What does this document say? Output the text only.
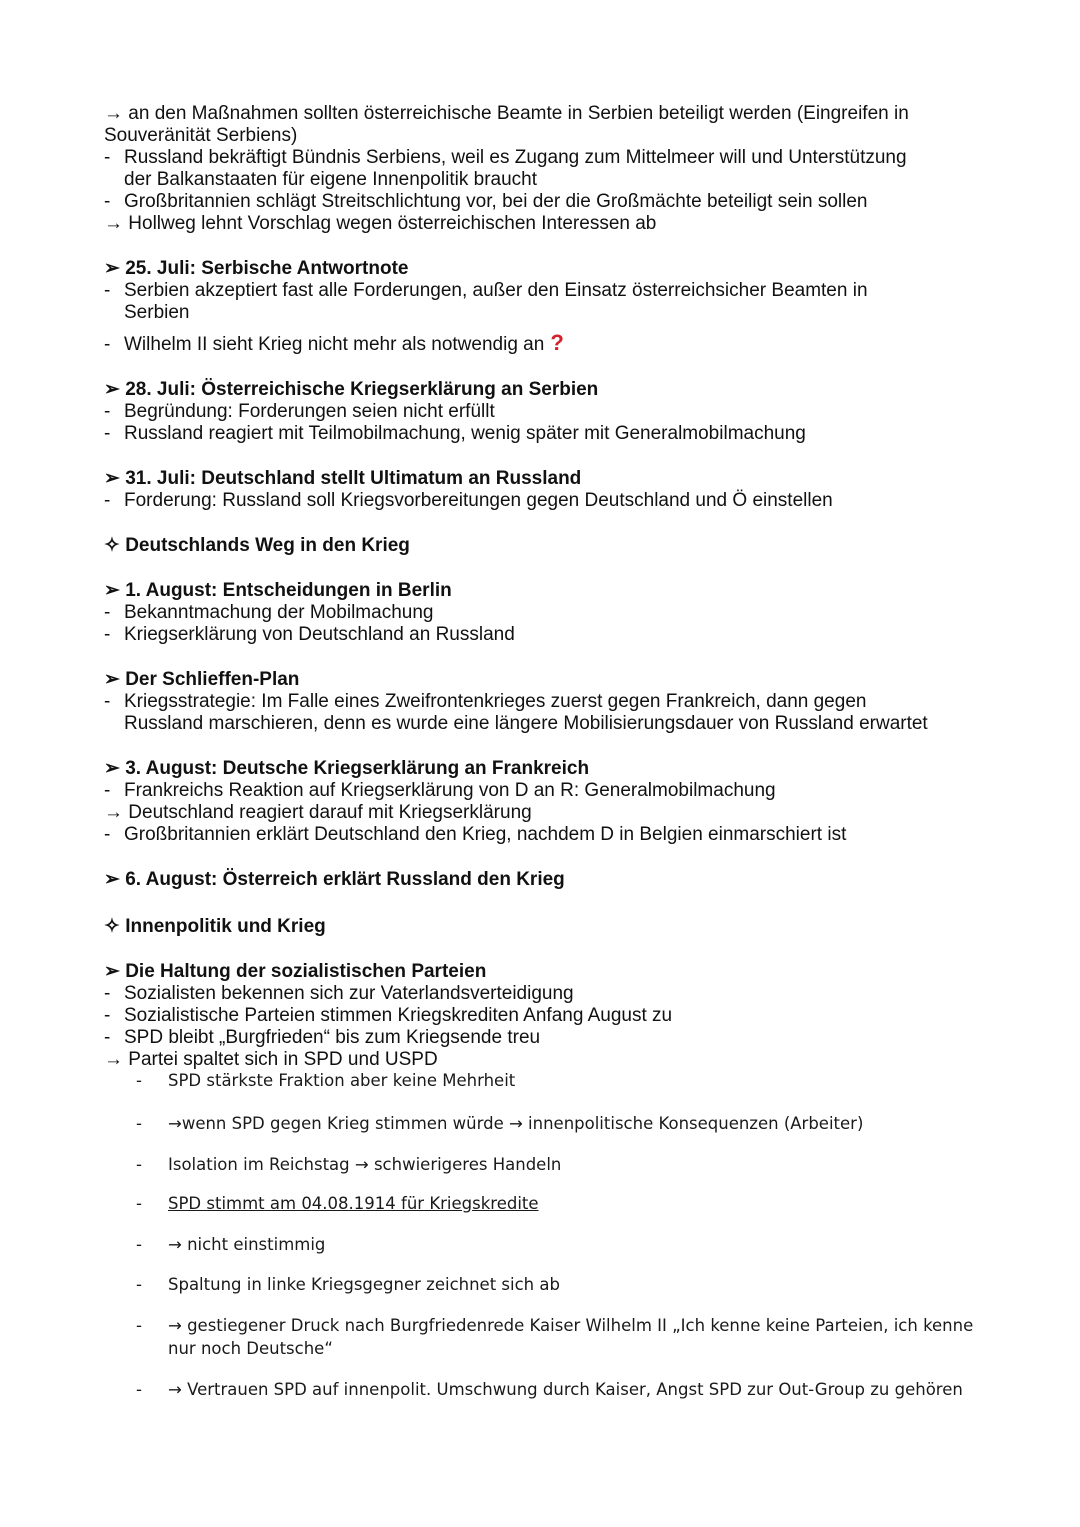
→ an den Maßnahmen sollten österreichische Beamte in Serbien beteiligt werden (Eingreifen in
Souveränität Serbiens)
- Russland bekräftigt Bündnis Serbiens, weil es Zugang zum Mittelmeer will und Unterstützung
der Balkanstaaten für eigene Innenpolitik braucht
- Großbritannien schlägt Streitschlichtung vor, bei der die Großmächte beteiligt sein sollen
→ Hollweg lehnt Vorschlag wegen österreichischen Interessen ab
➢ 25. Juli: Serbische Antwortnote
- Serbien akzeptiert fast alle Forderungen, außer den Einsatz österreichsicher Beamten in
Serbien
- Wilhelm II sieht Krieg nicht mehr als notwendig an ?
➢ 28. Juli: Österreichische Kriegserklärung an Serbien
- Begründung: Forderungen seien nicht erfüllt
- Russland reagiert mit Teilmobilmachung, wenig später mit Generalmobilmachung
➢ 31. Juli: Deutschland stellt Ultimatum an Russland
- Forderung: Russland soll Kriegsvorbereitungen gegen Deutschland und Ö einstellen
✧ Deutschlands Weg in den Krieg
➢ 1. August: Entscheidungen in Berlin
- Bekanntmachung der Mobilmachung
- Kriegserklärung von Deutschland an Russland
➢ Der Schlieffen-Plan
- Kriegsstrategie: Im Falle eines Zweifrontenkrieges zuerst gegen Frankreich, dann gegen
Russland marschieren, denn es wurde eine längere Mobilisierungsdauer von Russland erwartet
➢ 3. August: Deutsche Kriegserklärung an Frankreich
- Frankreichs Reaktion auf Kriegserklärung von D an R: Generalmobilmachung
→ Deutschland reagiert darauf mit Kriegserklärung
- Großbritannien erklärt Deutschland den Krieg, nachdem D in Belgien einmarschiert ist
➢ 6. August: Österreich erklärt Russland den Krieg
✧ Innenpolitik und Krieg
➢ Die Haltung der sozialistischen Parteien
- Sozialisten bekennen sich zur Vaterlandsverteidigung
- Sozialistische Parteien stimmen Kriegskrediten Anfang August zu
- SPD bleibt „Burgfrieden“ bis zum Kriegsende treu
→ Partei spaltet sich in SPD und USPD
- SPD stärkste Fraktion aber keine Mehrheit
- →wenn SPD gegen Krieg stimmen würde → innenpolitische Konsequenzen (Arbeiter)
- Isolation im Reichstag → schwierigeres Handeln
- SPD stimmt am 04.08.1914 für Kriegskredite
- → nicht einstimmig
- Spaltung in linke Kriegsgegner zeichnet sich ab
- → gestiegener Druck nach Burgfriedenrede Kaiser Wilhelm II „Ich kenne keine Parteien, ich kenne
nur noch Deutsche“
- → Vertrauen SPD auf innenpolit. Umschwung durch Kaiser, Angst SPD zur Out-Group zu gehören
